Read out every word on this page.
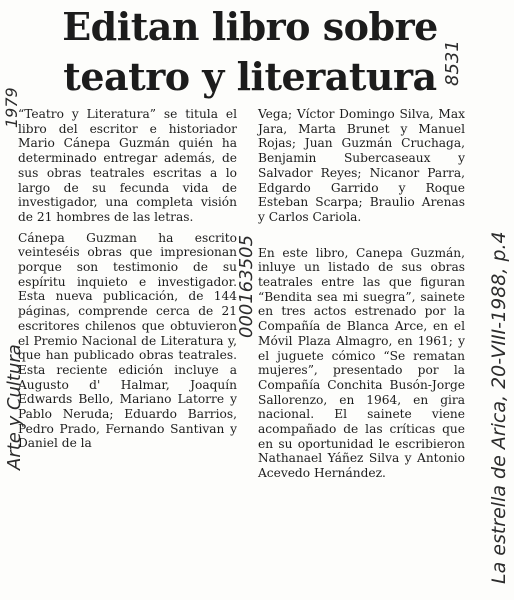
Editan libro sobre
teatro y literatura

“Teatro y Literatura” se titula el libro del escritor e historiador Mario Cánepa Guzmán quién ha determinado entregar además, de sus obras teatrales escritas a lo largo de su fecunda vida de investigador, una completa visión de 21 hombres de las letras.

Cánepa Guzman ha escrito veinteséis obras que impresionan porque son testimonio de su espíritu inquieto e investigador. Esta nueva publicación, de 144 páginas, comprende cerca de 21 escritores chilenos que obtuvieron el Premio Nacional de Literatura y, que han publicado obras teatrales. Esta reciente edición incluye a Augusto d' Halmar, Joaquín Edwards Bello, Mariano Latorre y Pablo Neruda; Eduardo Barrios, Pedro Prado, Fernando Santivan y Daniel de la

Vega; Víctor Domingo Silva, Max Jara, Marta Brunet y Manuel Rojas; Juan Guzmán Cruchaga, Benjamin Subercaseaux y Salvador Reyes; Nicanor Parra, Edgardo Garrido y Roque Esteban Scarpa; Braulio Arenas y Carlos Cariola.

En este libro, Canepa Guzmán, inluye un listado de sus obras teatrales entre las que figuran “Bendita sea mi suegra”, sainete en tres actos estrenado por la Compañía de Blanca Arce, en el Móvil Plaza Almagro, en 1961; y el juguete cómico “Se rematan mujeres”, presentado por la Compañía Conchita Busón-Jorge Sallorenzo, en 1964, en gira nacional. El sainete viene acompañado de las críticas que en su oportunidad le escribieron Nathanael Yáñez Silva y Antonio Acevedo Hernández.

1979
Arte y Cultura
000163505	La estrella de Arica, 20-VIII-1988, p.4
8531
